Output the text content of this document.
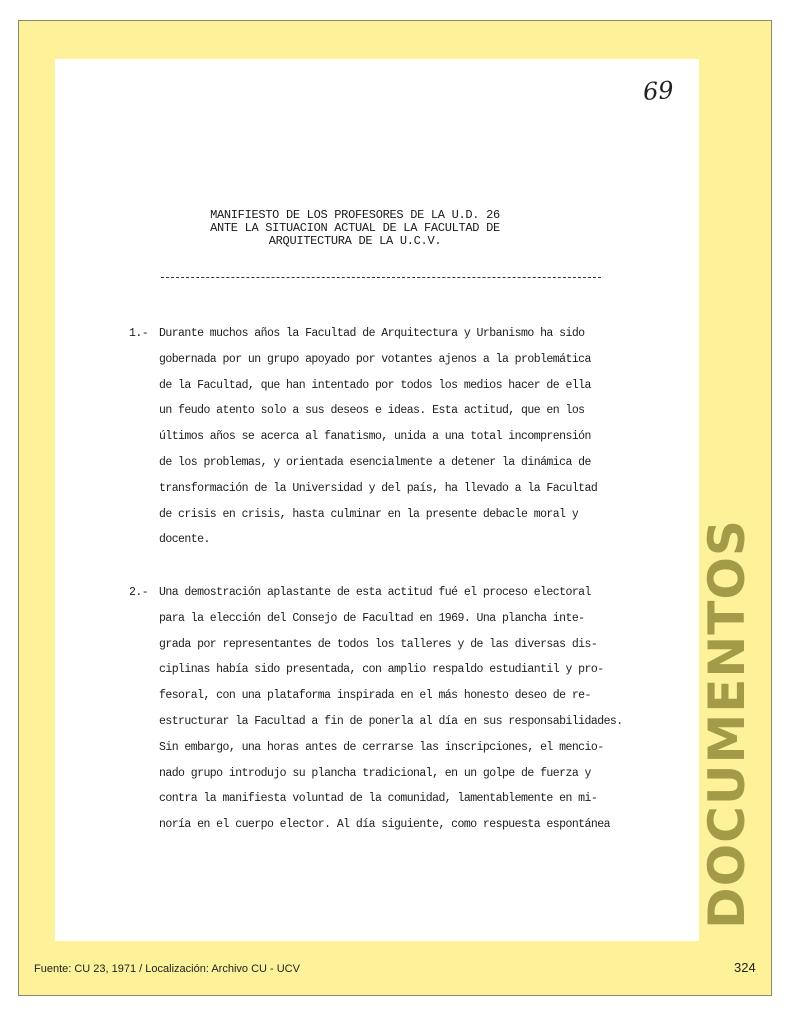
69
MANIFIESTO DE LOS PROFESORES DE LA U.D. 26
ANTE LA SITUACION ACTUAL DE LA FACULTAD DE
ARQUITECTURA DE LA U.C.V.
1.- Durante muchos años la Facultad de Arquitectura y Urbanismo ha sido
gobernada por un grupo apoyado por votantes ajenos a la problemática
de la Facultad, que han intentado por todos los medios hacer de ella
un feudo atento solo a sus deseos e ideas. Esta actitud, que en los
últimos años se acerca al fanatismo, unida a una total incomprensión
de los problemas, y orientada esencialmente a detener la dinámica de
transformación de la Universidad y del país, ha llevado a la Facultad
de crisis en crisis, hasta culminar en la presente debacle moral y
docente.
2.- Una demostración aplastante de esta actitud fué el proceso electoral
para la elección del Consejo de Facultad en 1969. Una plancha inte-
grada por representantes de todos los talleres y de las diversas dis-
ciplinas había sido presentada, con amplio respaldo estudiantil y pro-
fesoral, con una plataforma inspirada en el más honesto deseo de re-
estructurar la Facultad a fin de ponerla al día en sus responsabilidades.
Sin embargo, una horas antes de cerrarse las inscripciones, el mencio-
nado grupo introdujo su plancha tradicional, en un golpe de fuerza y
contra la manifiesta voluntad de la comunidad, lamentablemente en mi-
noría en el cuerpo elector. Al día siguiente, como respuesta espontánea	DOCUMENTOS
Fuente: CU 23, 1971 / Localización: Archivo CU - UCV	324
